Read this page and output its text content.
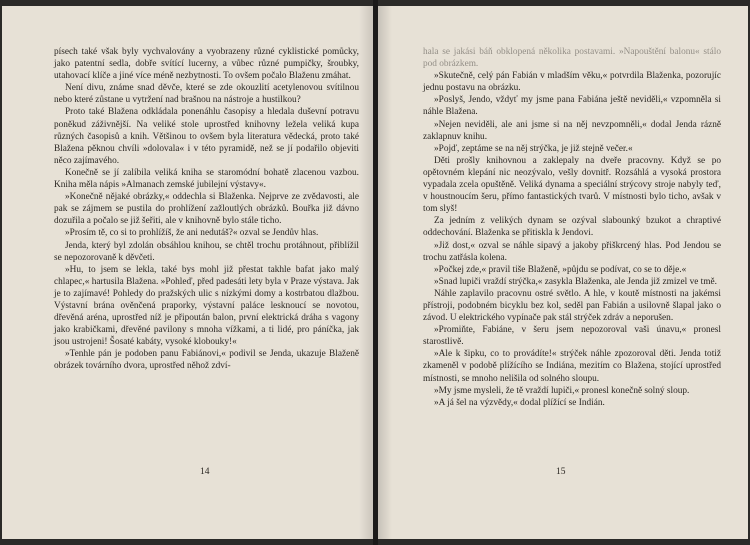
písech také však byly vychvalovány a vyobrazeny různé cyklistické pomůcky, jako patentní sedla, dobře svítící lucerny, a vůbec různé pumpičky, šroubky, utahovací klíče a jiné více méně nezbytnosti. To ovšem počalo Blaženu zmáhat.

Není divu, známe snad děvče, které se zde okouzlití acetylenovou svítilnou nebo které zůstane u vytržení nad brašnou na nástroje a hustilkou?

Proto také Blažena odkládala ponenáhlu časopisy a hledala duševní potravu poněkud záživnější. Na veliké stole uprostřed knihovny ležela veliká kupa různých časopisů a knih. Většinou to ovšem byla literatura vědecká, proto také Blažena pěknou chvíli »dolovala« i v této pyramidě, než se jí podařilo objeviti něco zajímavého.

Konečně se jí zalíbila veliká kniha se staromódní bohatě zlacenou vazbou. Kniha měla nápis »Almanach zemské jubilejní výstavy«.

»Konečně nějaké obrázky,« oddechla si Blaženka. Nejprve ze zvědavosti, ale pak se zájmem se pustila do prohlížení zažloutlých obrázků. Bouřka již dávno dozuřila a počalo se již šeřiti, ale v knihovně bylo stále ticho.

»Prosím tě, co si to prohlížíš, že ani nedutáš?« ozval se Jendův hlas.

Jenda, který byl zdolán obsáhlou knihou, se chtěl trochu protáhnout, přiblížil se nepozorovaně k děvčeti.

»Hu, to jsem se lekla, také bys mohl již přestat takhle bafat jako malý chlapec,« hartusila Blažena. »Pohleď, před padesáti lety byla v Praze výstava. Jak je to zajímavé! Pohledy do pražských ulic s nízkými domy a kostrbatou dlažbou. Výstavní brána ověnčená praporky, výstavní paláce lesknoucí se novotou, dřevěná aréna, uprostřed níž je připoután balon, první elektrická dráha s vagony jako krabičkami, dřevěné pavilony s mnoha vížkami, a ti lidé, pro páníčka, jak jsou ustrojeni! Šosaté kabáty, vysoké klobouky!«

»Tenhle pán je podoben panu Fabiánovi,« podivil se Jenda, ukazuje Blaženě obrázek továrního dvora, uprostřed něhož zdví-

14

hala se jakási báň obklopená několika postavami. »Napouštění balonu« stálo pod obrázkem.

»Skutečně, celý pán Fabián v mladším věku,« potvrdila Blaženka, pozorujíc jednu postavu na obrázku.

»Poslyš, Jendo, vždyť my jsme pana Fabiána ještě neviděli,« vzpomněla si náhle Blažena.

»Nejen neviděli, ale ani jsme si na něj nevzpomněli,« dodal Jenda rázně zaklapnuv knihu.

»Pojď, zeptáme se na něj strýčka, je již stejně večer.«

Děti prošly knihovnou a zaklepaly na dveře pracovny. Když se po opětovném klepání nic neozývalo, vešly dovnitř. Rozsáhlá a vysoká prostora vypadala zcela opuštěně. Veliká dynama a speciální strýcovy stroje nabyly teď, v houstnoucím šeru, přímo fantastických tvarů. V místnosti bylo ticho, avšak v tom slyš!

Za jedním z velikých dynam se ozýval slabounký bzukot a chraptivé oddechování. Blaženka se přitiskla k Jendovi.

»Již dost,« ozval se náhle sipavý a jakoby přiškrcený hlas. Pod Jendou se trochu zatřásla kolena.

»Počkej zde,« pravil tiše Blaženě, »půjdu se podívat, co se to děje.«

»Snad lupiči vraždí strýčka,« zasykla Blaženka, ale Jenda již zmizel ve tmě.

Náhle zaplavilo pracovnu ostré světlo. A hle, v koutě místnosti na jakémsi přístroji, podobném bicyklu bez kol, seděl pan Fabián a usilovně šlapal jako o závod. U elektrického vypínače pak stál strýček zdráv a neporušen.

»Promiňte, Fabiáne, v šeru jsem nepozoroval vaši únavu,« pronesl starostlivě.

»Ale k šipku, co to provádíte!« strýček náhle zpozoroval děti. Jenda totiž zkameněl v podobě plížícího se Indiána, mezitím co Blažena, stojící uprostřed místnosti, se mnoho nelišila od solného sloupu.

»My jsme mysleli, že tě vraždí lupiči,« pronesl konečně solný sloup.

»A já šel na výzvědy,« dodal plížící se Indián.

15
